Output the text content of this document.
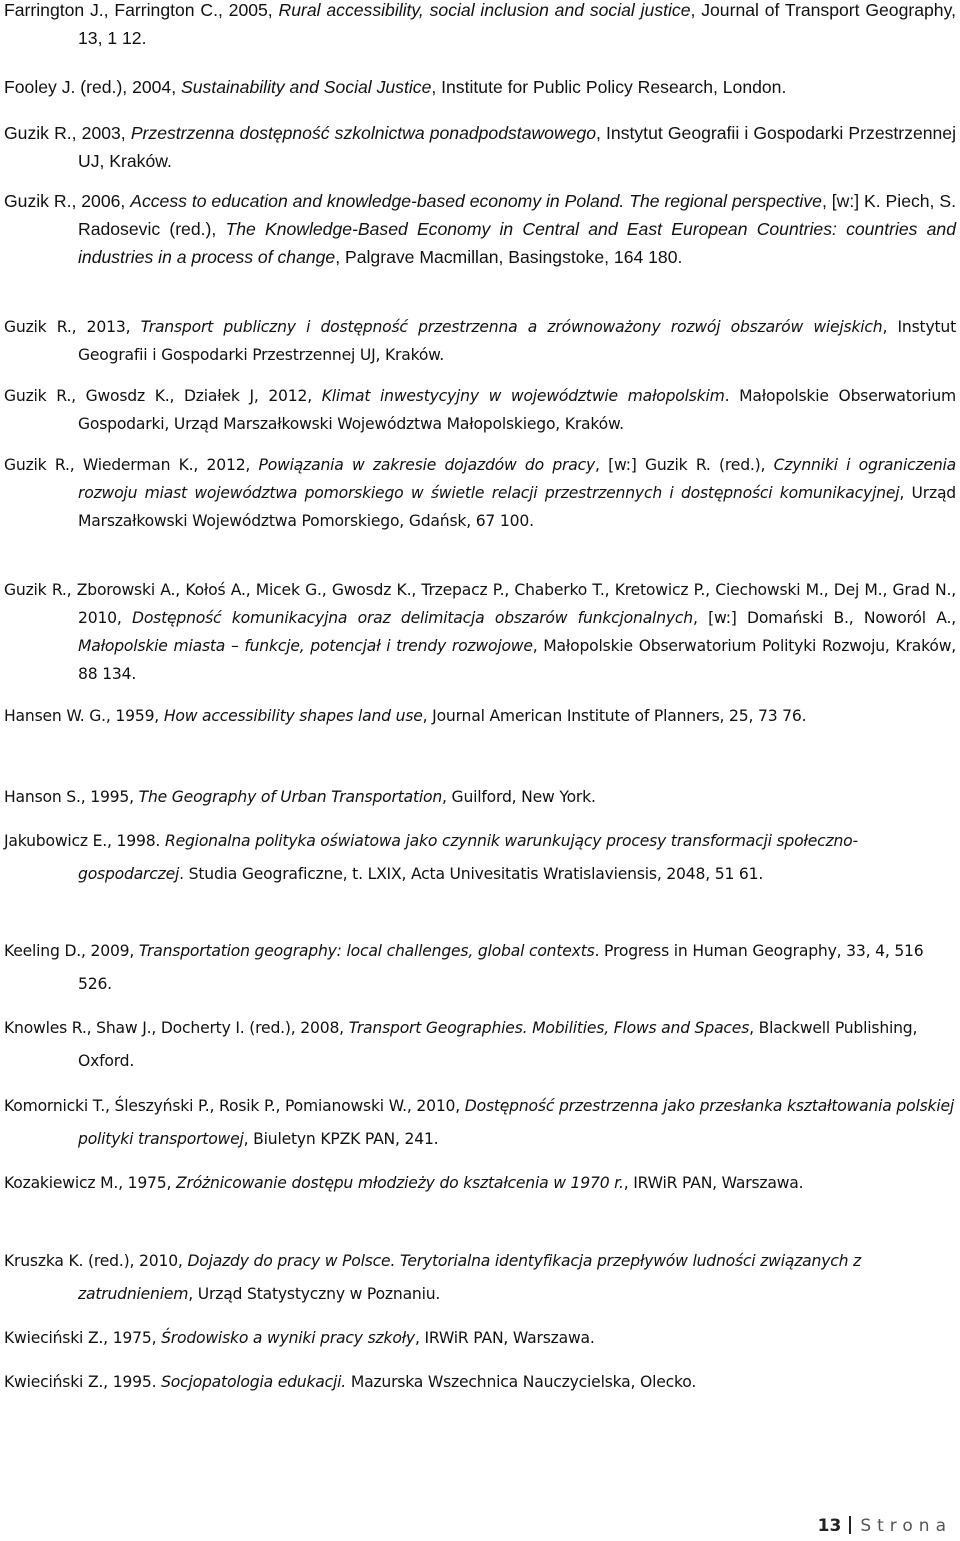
Farrington J., Farrington C., 2005, Rural accessibility, social inclusion and social justice, Journal of Transport Geography, 13, 1 12.
Fooley J. (red.), 2004, Sustainability and Social Justice, Institute for Public Policy Research, London.
Guzik R., 2003, Przestrzenna dostępność szkolnictwa ponadpodstawowego, Instytut Geografii i Gospodarki Przestrzennej UJ, Kraków.
Guzik R., 2006, Access to education and knowledge-based economy in Poland. The regional perspective, [w:] K. Piech, S. Radosevic (red.), The Knowledge-Based Economy in Central and East European Countries: countries and industries in a process of change, Palgrave Macmillan, Basingstoke, 164 180.
Guzik R., 2013, Transport publiczny i dostępność przestrzenna a zrównoważony rozwój obszarów wiejskich, Instytut Geografii i Gospodarki Przestrzennej UJ, Kraków.
Guzik R., Gwosdz K., Działek J, 2012, Klimat inwestycyjny w województwie małopolskim. Małopolskie Obserwatorium Gospodarki, Urząd Marszałkowski Województwa Małopolskiego, Kraków.
Guzik R., Wiederman K., 2012, Powiązania w zakresie dojazdów do pracy, [w:] Guzik R. (red.), Czynniki i ograniczenia rozwoju miast województwa pomorskiego w świetle relacji przestrzennych i dostępności komunikacyjnej, Urząd Marszałkowski Województwa Pomorskiego, Gdańsk, 67 100.
Guzik R., Zborowski A., Kołoś A., Micek G., Gwosdz K., Trzepacz P., Chaberko T., Kretowicz P., Ciechowski M., Dej M., Grad N., 2010, Dostępność komunikacyjna oraz delimitacja obszarów funkcjonalnych, [w:] Domański B., Noworól A., Małopolskie miasta – funkcje, potencjał i trendy rozwojowe, Małopolskie Obserwatorium Polityki Rozwoju, Kraków, 88 134.
Hansen W. G., 1959, How accessibility shapes land use, Journal American Institute of Planners, 25, 73 76.
Hanson S., 1995, The Geography of Urban Transportation, Guilford, New York.
Jakubowicz E., 1998. Regionalna polityka oświatowa jako czynnik warunkujący procesy transformacji społeczno-gospodarczej. Studia Geograficzne, t. LXIX, Acta Univesitatis Wratislaviensis, 2048, 51 61.
Keeling D., 2009, Transportation geography: local challenges, global contexts. Progress in Human Geography, 33, 4, 516 526.
Knowles R., Shaw J., Docherty I. (red.), 2008, Transport Geographies. Mobilities, Flows and Spaces, Blackwell Publishing, Oxford.
Komornicki T., Śleszyński P., Rosik P., Pomianowski W., 2010, Dostępność przestrzenna jako przesłanka kształtowania polskiej polityki transportowej, Biuletyn KPZK PAN, 241.
Kozakiewicz M., 1975, Zróżnicowanie dostępu młodzieży do kształcenia w 1970 r., IRWiR PAN, Warszawa.
Kruszka K. (red.), 2010, Dojazdy do pracy w Polsce. Terytorialna identyfikacja przepływów ludności związanych z zatrudnieniem, Urząd Statystyczny w Poznaniu.
Kwieciński Z., 1975, Środowisko a wyniki pracy szkoły, IRWiR PAN, Warszawa.
Kwieciński Z., 1995. Socjopatologia edukacji. Mazurska Wszechnica Nauczycielska, Olecko.
13 Strona
